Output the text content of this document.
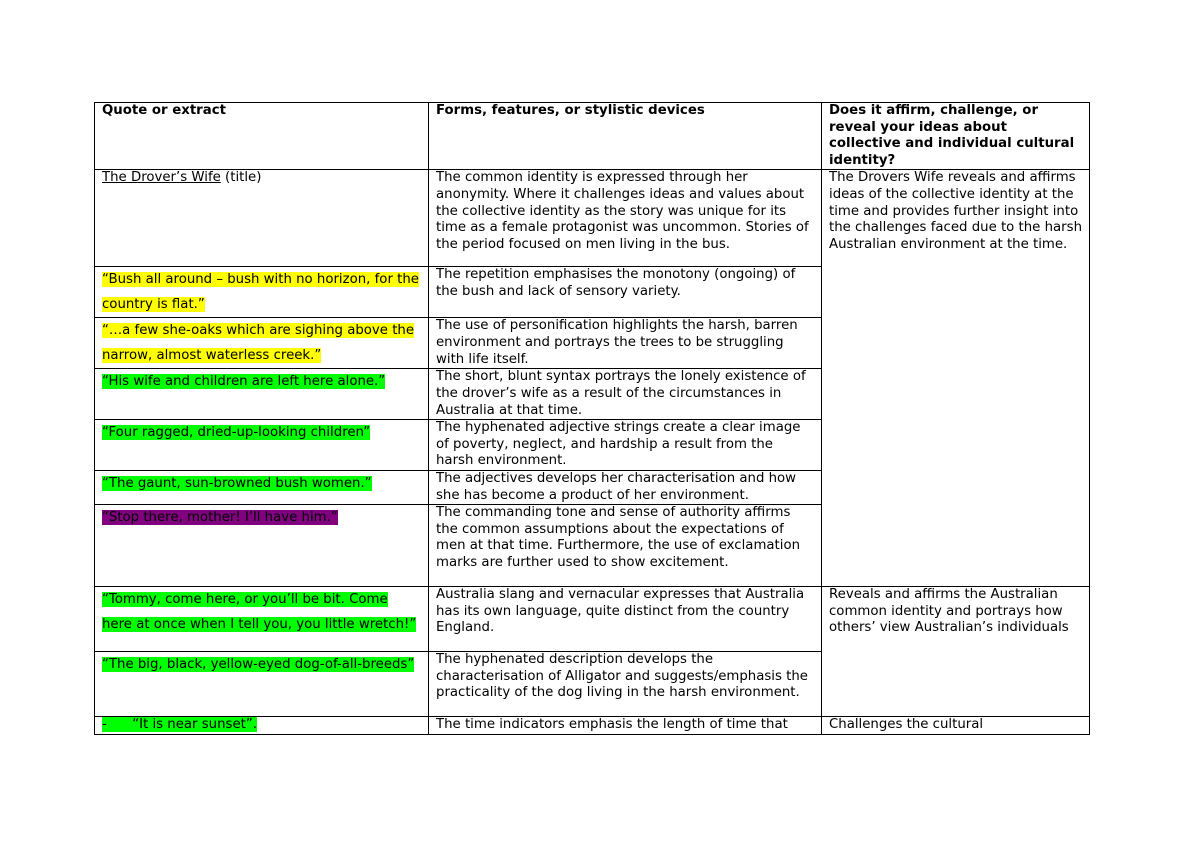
Quote or extract	Forms, features, or stylistic devices	Does it affirm, challenge, or reveal your ideas about collective and individual cultural identity?
The Drover’s Wife (title)	The common identity is expressed through her anonymity. Where it challenges ideas and values about the collective identity as the story was unique for its time as a female protagonist was uncommon. Stories of the period focused on men living in the bus.	The Drovers Wife reveals and affirms ideas of the collective identity at the time and provides further insight into the challenges faced due to the harsh Australian environment at the time.
“Bush all around – bush with no horizon, for the country is flat.”	The repetition emphasises the monotony (ongoing) of the bush and lack of sensory variety.	
“…a few she-oaks which are sighing above the narrow, almost waterless creek.”	The use of personification highlights the harsh, barren environment and portrays the trees to be struggling with life itself.	
“His wife and children are left here alone.”	The short, blunt syntax portrays the lonely existence of the drover’s wife as a result of the circumstances in Australia at that time.	
“Four ragged, dried-up-looking children”	The hyphenated adjective strings create a clear image of poverty, neglect, and hardship a result from the harsh environment.	
“The gaunt, sun-browned bush women.”	The adjectives develops her characterisation and how she has become a product of her environment.	
“Stop there, mother! I’ll have him.”	The commanding tone and sense of authority affirms the common assumptions about the expectations of men at that time. Furthermore, the use of exclamation marks are further used to show excitement.	
“Tommy, come here, or you’ll be bit. Come here at once when I tell you, you little wretch!”	Australia slang and vernacular expresses that Australia has its own language, quite distinct from the country England.	Reveals and affirms the Australian common identity and portrays how others’ view Australian’s individuals
“The big, black, yellow-eyed dog-of-all-breeds”	The hyphenated description develops the characterisation of Alligator and suggests/emphasis the practicality of the dog living in the harsh environment.	
- “It is near sunset”.	The time indicators emphasis the length of time that	Challenges the cultural
